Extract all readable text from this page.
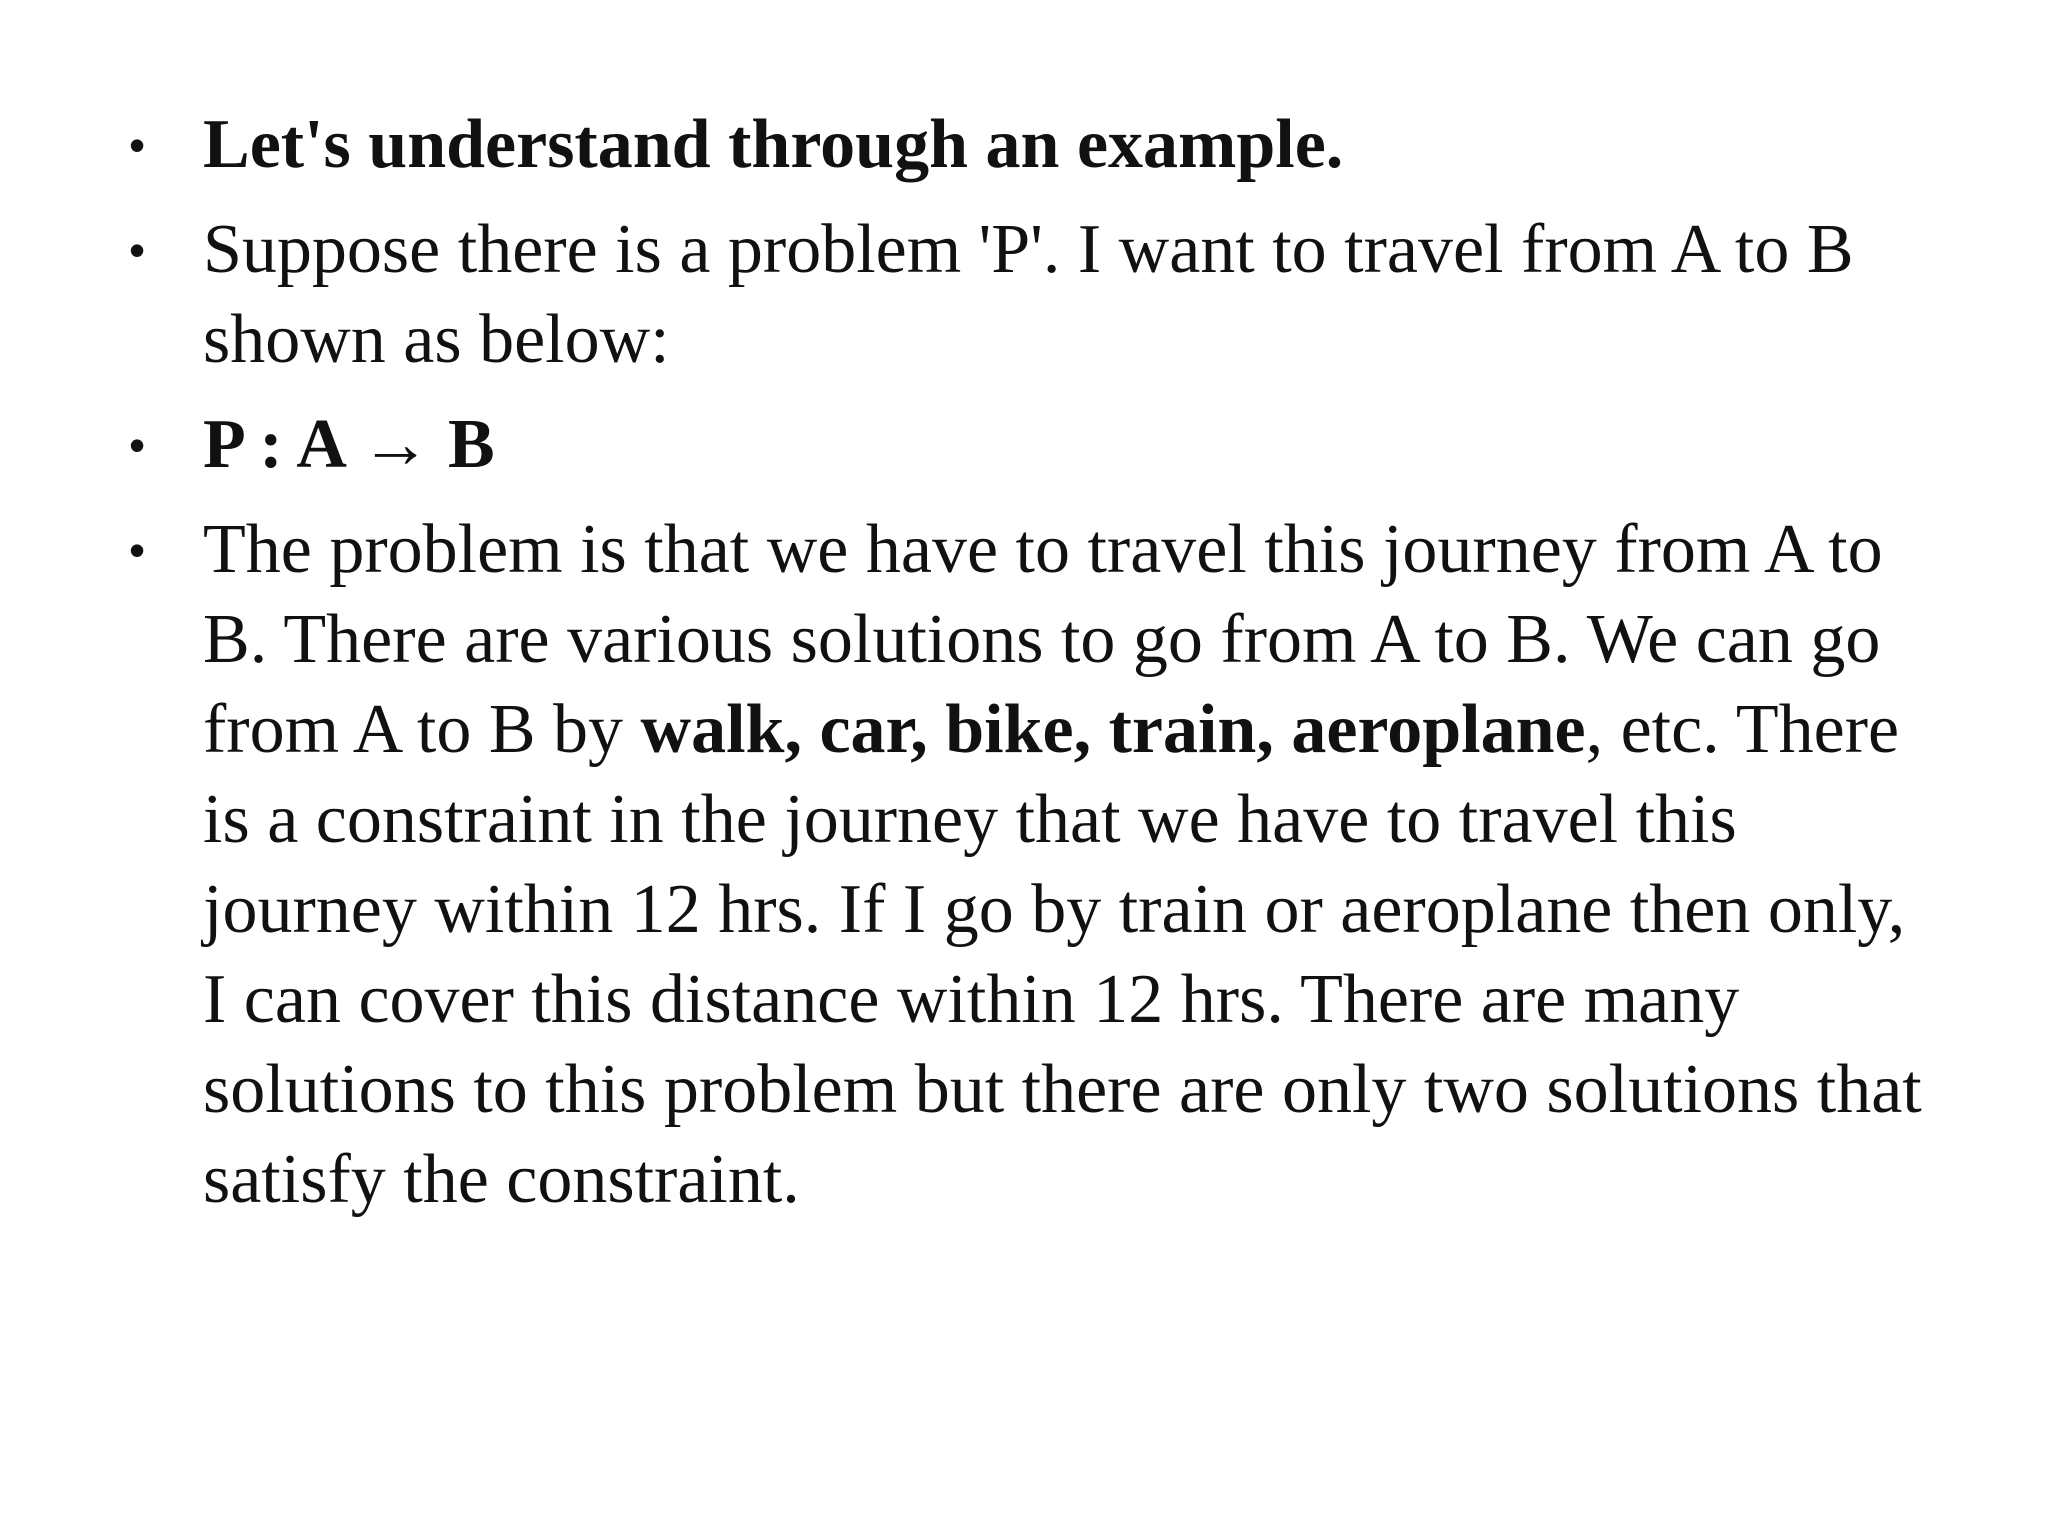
• Let's understand through an example.
• Suppose there is a problem 'P'. I want to travel from A to B shown as below:
• P : A → B
• The problem is that we have to travel this journey from A to B. There are various solutions to go from A to B. We can go from A to B by walk, car, bike, train, aeroplane, etc. There is a constraint in the journey that we have to travel this journey within 12 hrs. If I go by train or aeroplane then only, I can cover this distance within 12 hrs. There are many solutions to this problem but there are only two solutions that satisfy the constraint.
